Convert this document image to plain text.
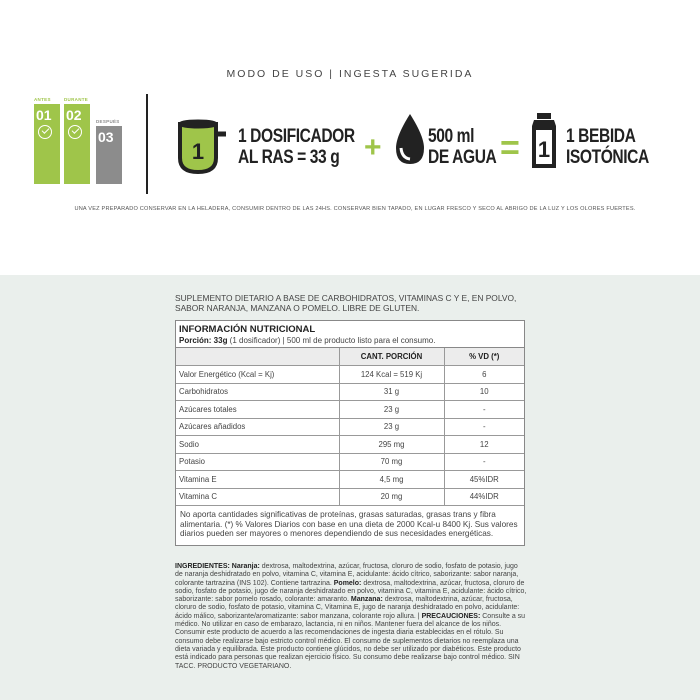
MODO DE USO | INGESTA SUGERIDA
ANTES
01
DURANTE
02	DESPUÉS
03
1
1 DOSIFICADOR
AL RAS = 33 g + 500 ml
DE AGUA = 1
1 BEBIDA
ISOTÓNICA
UNA VEZ PREPARADO CONSERVAR EN LA HELADERA, CONSUMIR DENTRO DE LAS 24HS. CONSERVAR BIEN TAPADO, EN LUGAR FRESCO Y SECO AL ABRIGO DE LA LUZ Y LOS OLORES FUERTES.
SUPLEMENTO DIETARIO A BASE DE CARBOHIDRATOS, VITAMINAS C Y E, EN POLVO, SABOR NARANJA, MANZANA O POMELO. LIBRE DE GLUTEN.
INFORMACIÓN NUTRICIONAL
Porción: 33g (1 dosificador) | 500 ml de producto listo para el consumo.
	CANT. PORCIÓN	% VD (*)
Valor Energético (Kcal = Kj)	124 Kcal = 519 Kj	6
Carbohidratos	31 g	10
Azúcares totales	23 g	-
Azúcares añadidos	23 g	-
Sodio	295 mg	12
Potasio	70 mg	-
Vitamina E	4,5 mg	45%IDR
Vitamina C	20 mg	44%IDR
No aporta cantidades significativas de proteínas, grasas saturadas, grasas trans y fibra alimentaria. (*) % Valores Diarios con base en una dieta de 2000 Kcal-u 8400 Kj. Sus valores diarios pueden ser mayores o menores dependiendo de sus necesidades energéticas.
INGREDIENTES: Naranja: dextrosa, maltodextrina, azúcar, fructosa, cloruro de sodio, fosfato de potasio, jugo de naranja deshidratado en polvo, vitamina C, vitamina E, acidulante: ácido cítrico, saborizante: sabor naranja, colorante tartrazina (INS 102). Contiene tartrazina. Pomelo: dextrosa, maltodextrina, azúcar, fructosa, cloruro de sodio, fosfato de potasio, jugo de naranja deshidratado en polvo, vitamina C, vitamina E, acidulante: ácido cítrico, saborizante: sabor pomelo rosado, colorante: amaranto. Manzana: dextrosa, maltodextrina, azúcar, fructosa, cloruro de sodio, fosfato de potasio, vitamina C, Vitamina E, jugo de naranja deshidratado en polvo, acidulante: ácido málico, saborizante/aromatizante: sabor manzana, colorante rojo allura. | PRECAUCIONES: Consulte a su médico. No utilizar en caso de embarazo, lactancia, ni en niños. Mantener fuera del alcance de los niños. Consumir este producto de acuerdo a las recomendaciones de ingesta diaria establecidas en el rótulo. Su consumo debe realizarse bajo estricto control médico. El consumo de suplementos dietarios no reemplaza una dieta variada y equilibrada. Este producto contiene glúcidos, no debe ser utilizado por diabéticos. Este producto está indicado para personas que realizan ejercicio físico. Su consumo debe realizarse bajo control médico. SIN TACC. PRODUCTO VEGETARIANO.
